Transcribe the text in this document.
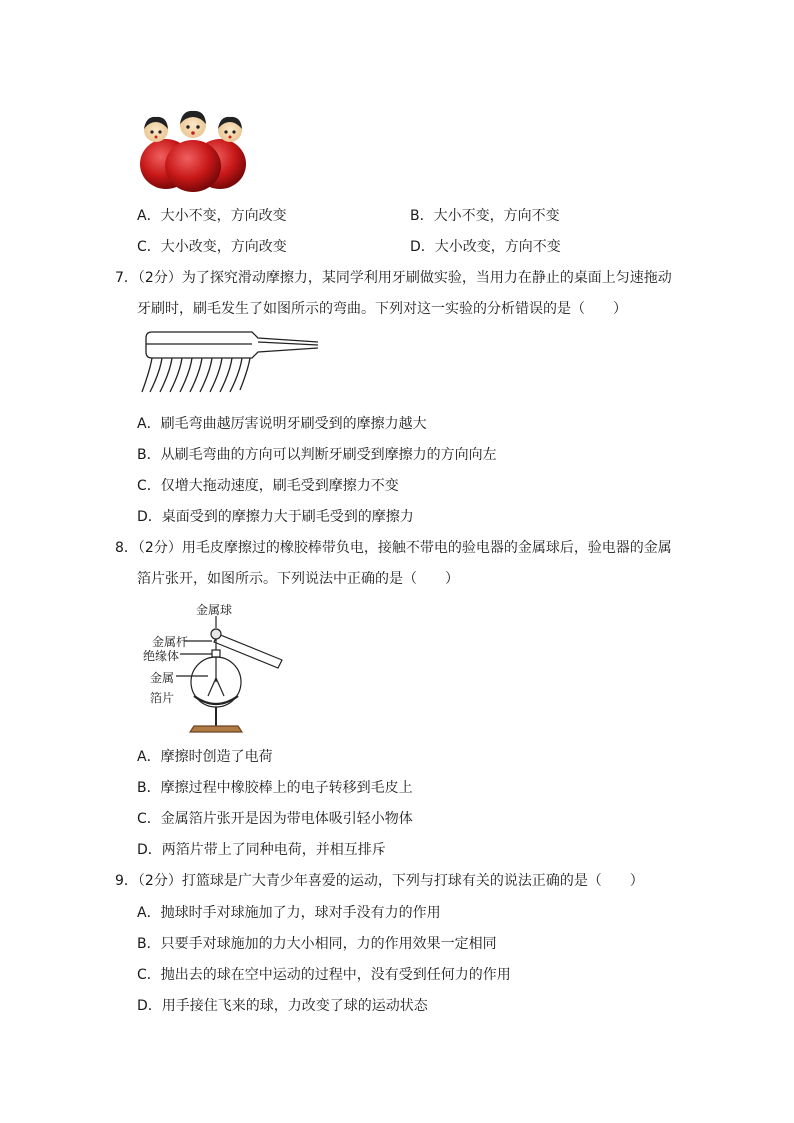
A．大小不变，方向改变	B．大小不变，方向不变
C．大小改变，方向改变	D．大小改变，方向不变
7．（2分）为了探究滑动摩擦力，某同学利用牙刷做实验，当用力在静止的桌面上匀速拖动
牙刷时，刷毛发生了如图所示的弯曲。下列对这一实验的分析错误的是（　　）
A．刷毛弯曲越厉害说明牙刷受到的摩擦力越大
B．从刷毛弯曲的方向可以判断牙刷受到摩擦力的方向向左
C．仅增大拖动速度，刷毛受到摩擦力不变
D．桌面受到的摩擦力大于刷毛受到的摩擦力
8．（2分）用毛皮摩擦过的橡胶棒带负电，接触不带电的验电器的金属球后，验电器的金属
箔片张开，如图所示。下列说法中正确的是（　　）
金属球
金属杆
绝缘体
金属
箔片
A．摩擦时创造了电荷
B．摩擦过程中橡胶棒上的电子转移到毛皮上
C．金属箔片张开是因为带电体吸引轻小物体
D．两箔片带上了同种电荷，并相互排斥
9．（2分）打篮球是广大青少年喜爱的运动，下列与打球有关的说法正确的是（　　）
A．抛球时手对球施加了力，球对手没有力的作用
B．只要手对球施加的力大小相同，力的作用效果一定相同
C．抛出去的球在空中运动的过程中，没有受到任何力的作用
D．用手接住飞来的球，力改变了球的运动状态
